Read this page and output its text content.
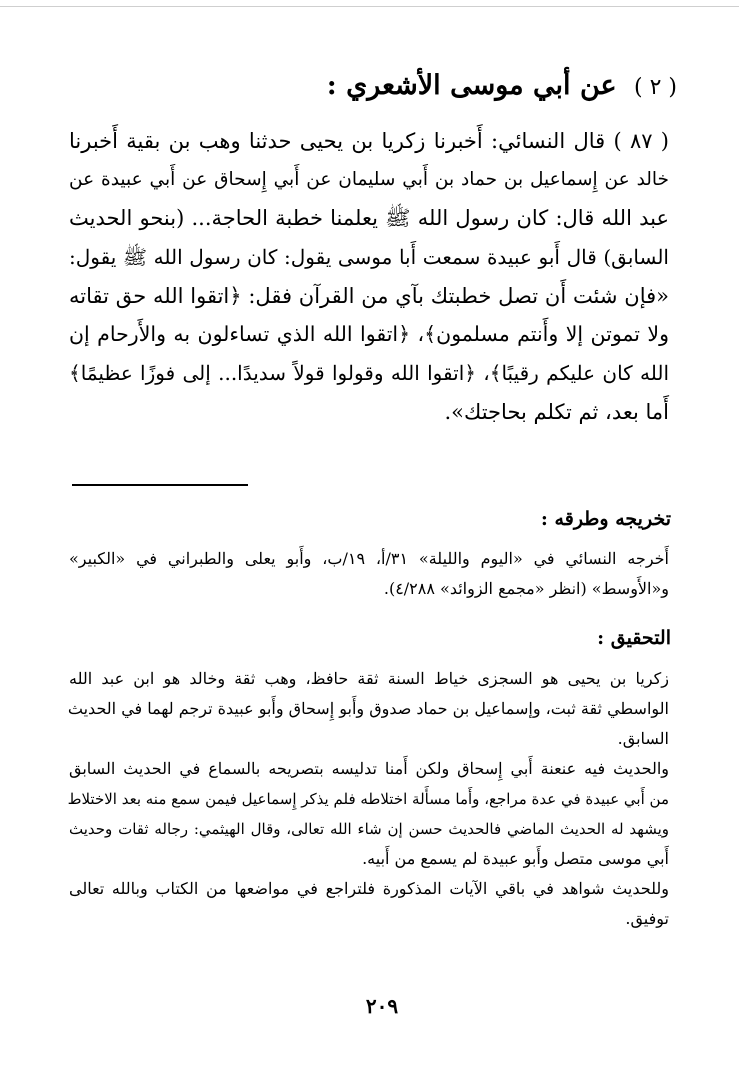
( ٢ ) عن أبي موسى الأشعري :
( ٨٧ ) قال النسائي: أَخبرنا زكريا بن يحيى حدثنا وهب بن بقية أَخبرنا
خالد عن إِسماعيل بن حماد بن أَبي سليمان عن أَبي إِسحاق عن أَبي عبيدة عن
عبد الله قال: كان رسول الله ﷺ يعلمنا خطبة الحاجة... (بنحو الحديث
السابق) قال أَبو عبيدة سمعت أَبا موسى يقول: كان رسول الله ﷺ يقول:
«فإن شئت أَن تصل خطبتك بآي من القرآن فقل: ﴿اتقوا الله حق تقاته
ولا تموتن إلا وأَنتم مسلمون﴾، ﴿اتقوا الله الذي تساءلون به والأَرحام إن
الله كان عليكم رقيبًا﴾، ﴿اتقوا الله وقولوا قولاً سديدًا... إلى فوزًا عظيمًا﴾
أَما بعد، ثم تكلم بحاجتك».
تخريجه وطرقه :
أَخرجه النسائي في «اليوم والليلة» ٣١/أ، ١٩/ب، وأَبو يعلى والطبراني في «الكبير»
و«الأَوسط» (انظر «مجمع الزوائد» ٤/٢٨٨).
التحقيق :
زكريا بن يحيى هو السجزى خياط السنة ثقة حافظ، وهب ثقة وخالد هو ابن عبد الله
الواسطي ثقة ثبت، وإسماعيل بن حماد صدوق وأَبو إِسحاق وأَبو عبيدة ترجم لهما في الحديث
السابق.
والحديث فيه عنعنة أَبي إِسحاق ولكن أَمنا تدليسه بتصريحه بالسماع في الحديث السابق
من أَبي عبيدة في عدة مراجع، وأَما مسأَلة اختلاطه فلم يذكر إِسماعيل فيمن سمع منه بعد الاختلاط
ويشهد له الحديث الماضي فالحديث حسن إن شاء الله تعالى، وقال الهيثمي: رجاله ثقات وحديث
أَبي موسى متصل وأَبو عبيدة لم يسمع من أَبيه.
وللحديث شواهد في باقي الآيات المذكورة فلتراجع في مواضعها من الكتاب وبالله تعالى
توفيق.
٢٠٩
